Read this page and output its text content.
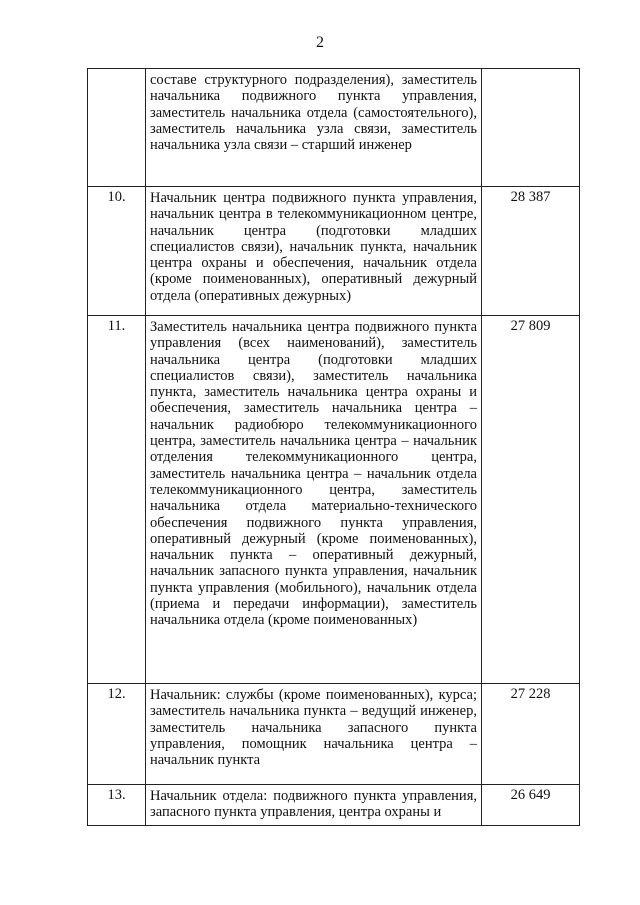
2

	составе структурного подразделения), заместитель начальника подвижного пункта управления, заместитель начальника отдела (самостоятельного), заместитель начальника узла связи, заместитель начальника узла связи – старший инженер	

10.	Начальник центра подвижного пункта управления, начальник центра в телекоммуникационном центре, начальник центра (подготовки младших специалистов связи), начальник пункта, начальник центра охраны и обеспечения, начальник отдела (кроме поименованных), оперативный дежурный отдела (оперативных дежурных)	28 387

11.	Заместитель начальника центра подвижного пункта управления (всех наименований), заместитель начальника центра (подготовки младших специалистов связи), заместитель начальника пункта, заместитель начальника центра охраны и обеспечения, заместитель начальника центра – начальник радиобюро телекоммуникационного центра, заместитель начальника центра – начальник отделения телекоммуникационного центра, заместитель начальника центра – начальник отдела телекоммуникационного центра, заместитель начальника отдела материально-технического обеспечения подвижного пункта управления, оперативный дежурный (кроме поименованных), начальник пункта – оперативный дежурный, начальник запасного пункта управления, начальник пункта управления (мобильного), начальник отдела (приема и передачи информации), заместитель начальника отдела (кроме поименованных)	27 809

12.	Начальник: службы (кроме поименованных), курса; заместитель начальника пункта – ведущий инженер, заместитель начальника запасного пункта управления, помощник начальника центра – начальник пункта	27 228

13.	Начальник отдела: подвижного пункта управления, запасного пункта управления, центра охраны и	26 649
